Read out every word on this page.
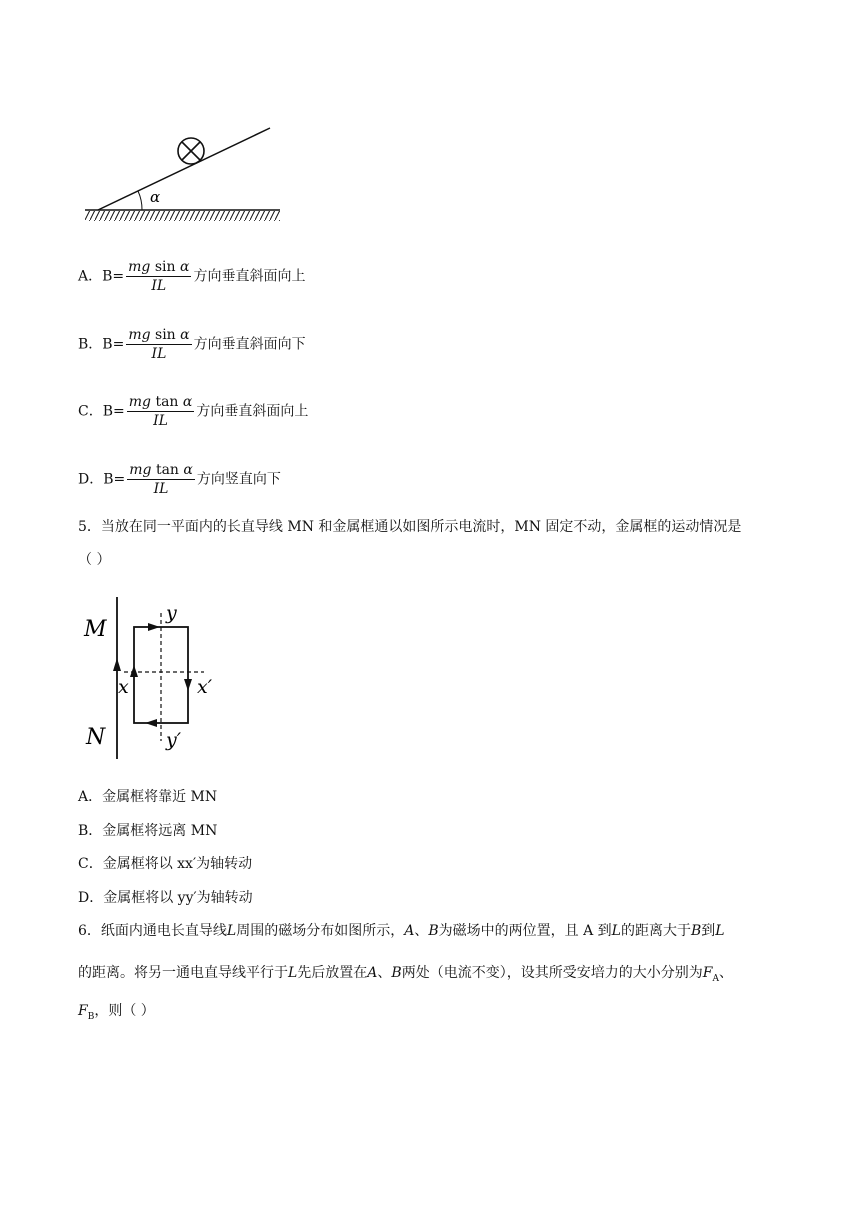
α
A．$B= \frac{\text{mg sin α}}{IL}$ 方向垂直斜面向上
B．$B= \frac{\text{mg sin α}}{IL}$ 方向垂直斜面向下
C．$B= \frac{\text{mg tan α}}{IL}$ 方向垂直斜面向上
D．$B= \frac{\text{mg tan α}}{IL}$ 方向竖直向下
5．当放在同一平面内的长直导线 MN 和金属框通以如图所示电流时，MN 固定不动，金属框的运动情况是
（ ）
M
N
y
y′
x	x′
A．金属框将靠近 MN
B．金属框将远离 MN
C．金属框将以 xx′为轴转动
D．金属框将以 yy′为轴转动
6．纸面内通电长直导线L周围的磁场分布如图所示，A、B为磁场中的两位置，且 A 到L的距离大于B到L
的距离。将另一通电直导线平行于L先后放置在A、B两处（电流不变），设其所受安培力的大小分别为$F_A$、
$F_B$，则（ ）
